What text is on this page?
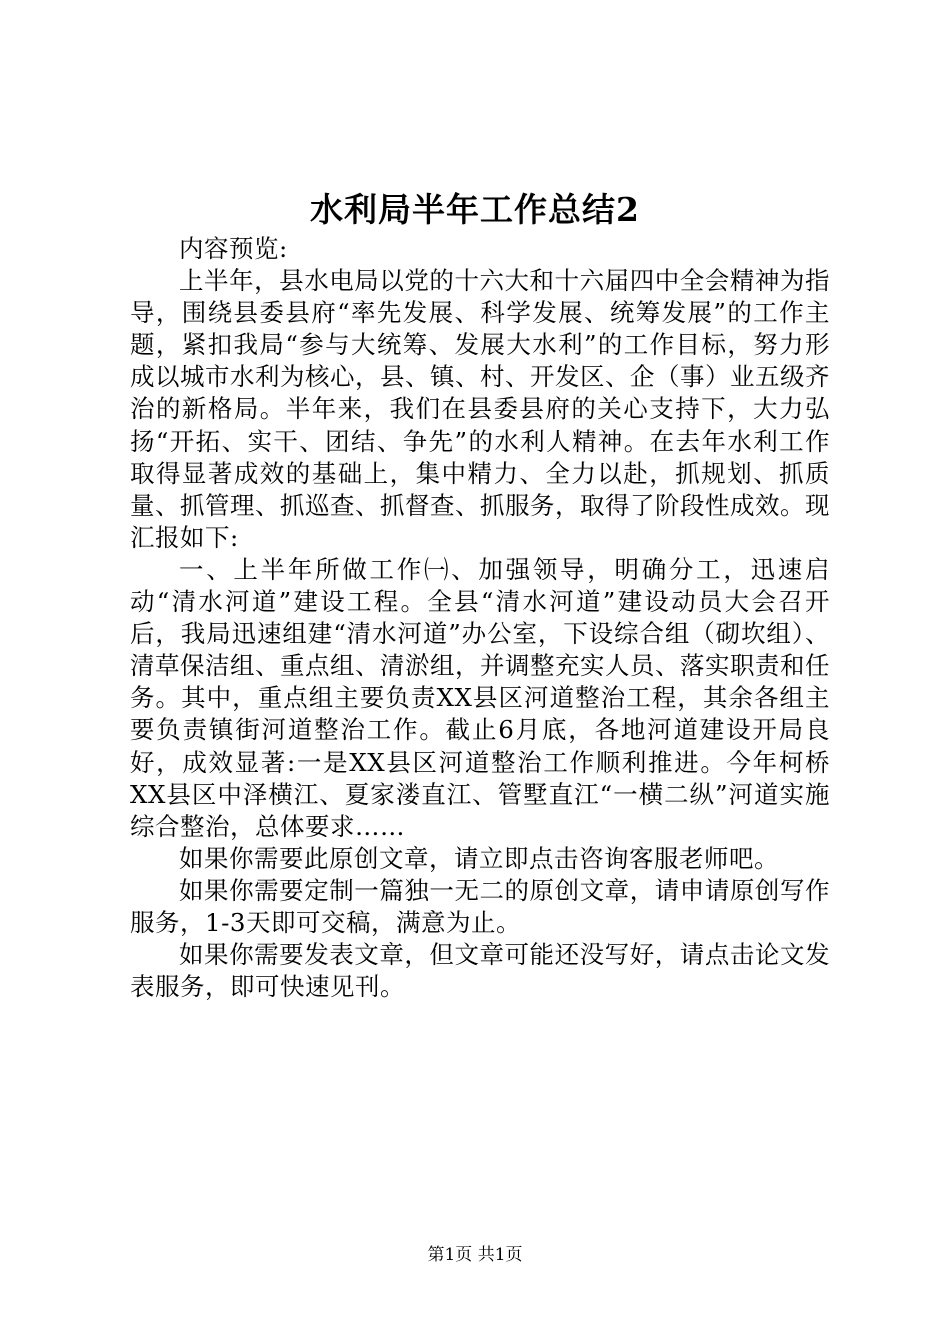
水利局半年工作总结2

内容预览:

上半年，县水电局以党的十六大和十六届四中全会精神为指导，围绕县委县府“率先发展、科学发展、统筹发展”的工作主题，紧扣我局“参与大统筹、发展大水利”的工作目标，努力形成以城市水利为核心，县、镇、村、开发区、企（事）业五级齐治的新格局。半年来，我们在县委县府的关心支持下，大力弘扬“开拓、实干、团结、争先”的水利人精神。在去年水利工作取得显著成效的基础上，集中精力、全力以赴，抓规划、抓质量、抓管理、抓巡查、抓督查、抓服务，取得了阶段性成效。现汇报如下:

一、上半年所做工作㈠、加强领导，明确分工，迅速启动“清水河道”建设工程。全县“清水河道”建设动员大会召开后，我局迅速组建“清水河道”办公室，下设综合组（砌坎组）、清草保洁组、重点组、清淤组，并调整充实人员、落实职责和任务。其中，重点组主要负责XX县区河道整治工程，其余各组主要负责镇街河道整治工作。截止6月底，各地河道建设开局良好，成效显著:一是XX县区河道整治工作顺利推进。今年柯桥XX县区中泽横江、夏家溇直江、管墅直江“一横二纵”河道实施综合整治，总体要求……

如果你需要此原创文章，请立即点击咨询客服老师吧。

如果你需要定制一篇独一无二的原创文章，请申请原创写作服务，1-3天即可交稿，满意为止。

如果你需要发表文章，但文章可能还没写好，请点击论文发表服务，即可快速见刊。

第1页 共1页
